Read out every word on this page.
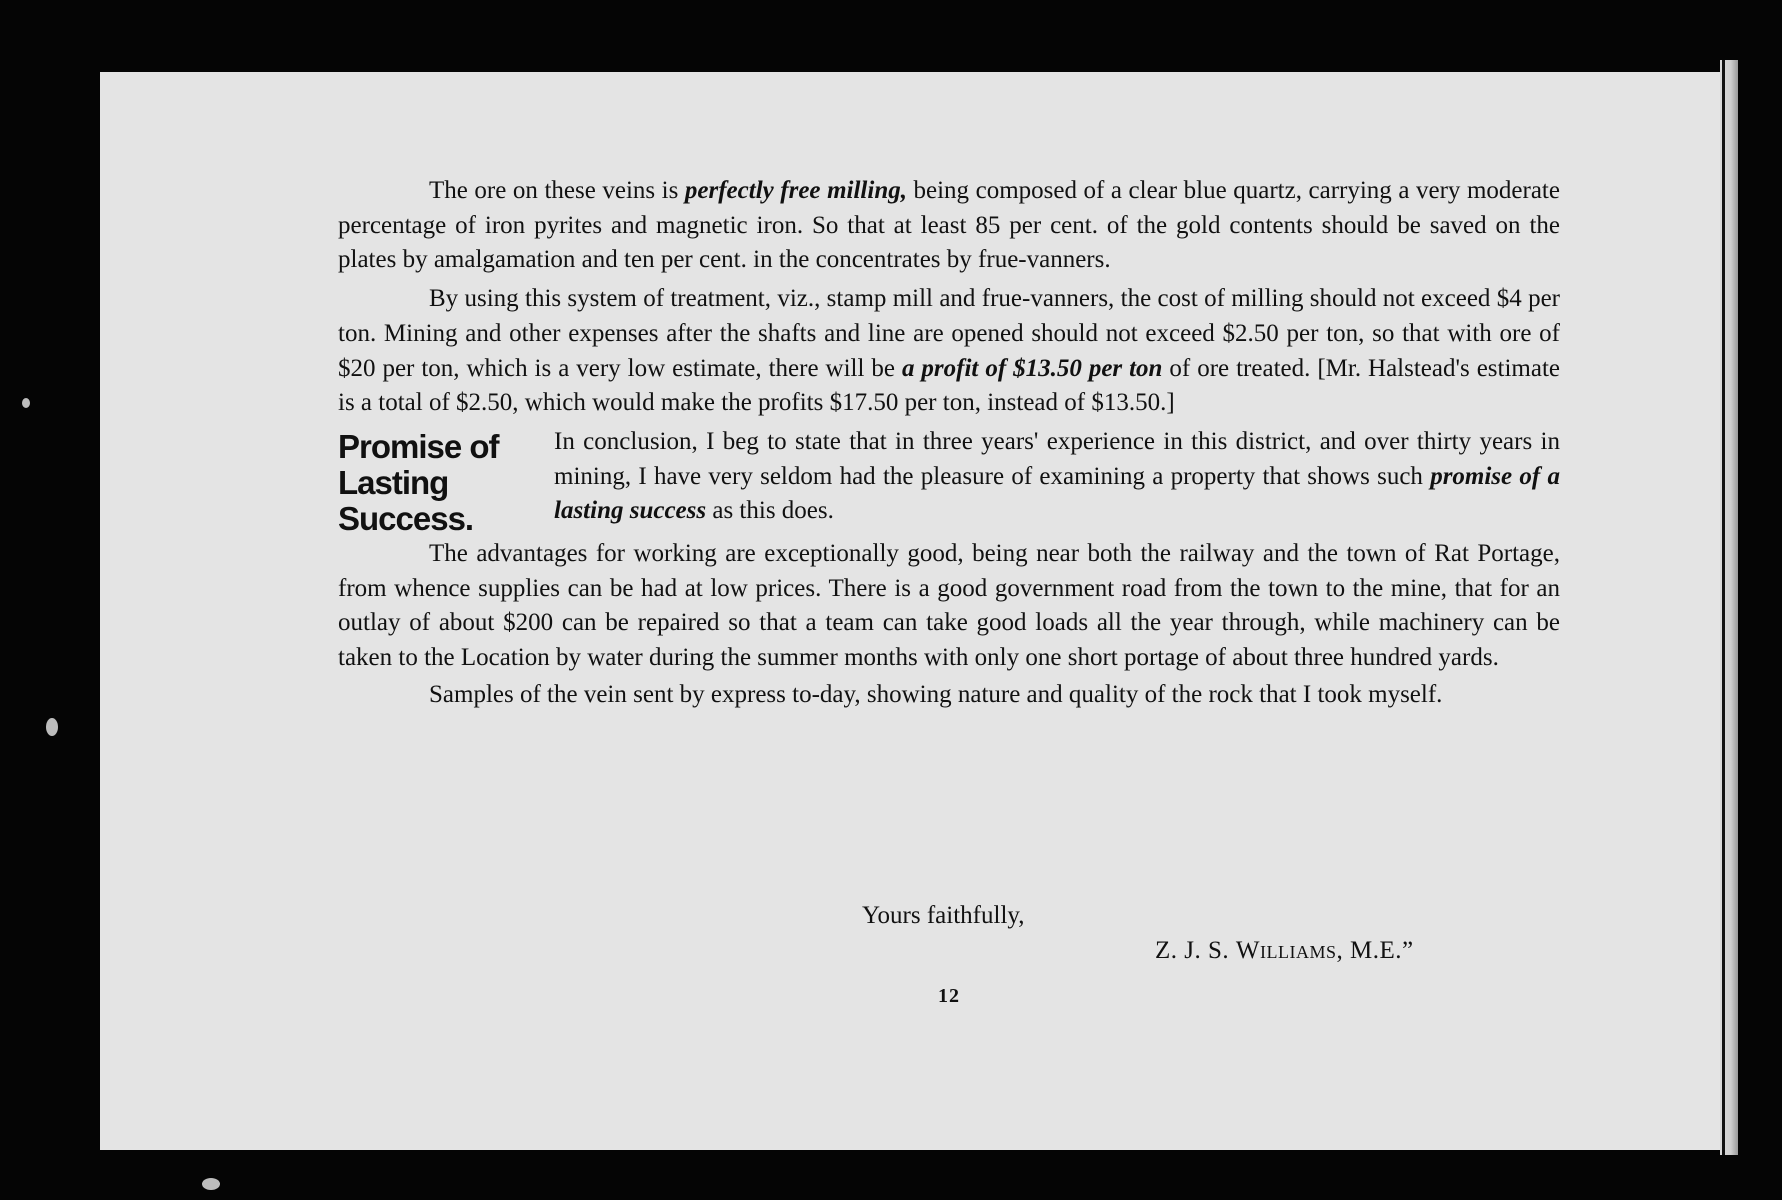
The ore on these veins is perfectly free milling, being composed of a clear blue quartz, carrying a very moderate percentage of iron pyrites and magnetic iron. So that at least 85 per cent. of the gold contents should be saved on the plates by amalgamation and ten per cent. in the concentrates by frue-vanners.

By using this system of treatment, viz., stamp mill and frue-vanners, the cost of milling should not exceed $4 per ton. Mining and other expenses after the shafts and line are opened should not exceed $2.50 per ton, so that with ore of $20 per ton, which is a very low estimate, there will be a profit of $13.50 per ton of ore treated. [Mr. Halstead's estimate is a total of $2.50, which would make the profits $17.50 per ton, instead of $13.50.]

Promise of
Lasting
Success.

In conclusion, I beg to state that in three years' experience in this district, and over thirty years in mining, I have very seldom had the pleasure of examining a property that shows such promise of a lasting success as this does.

The advantages for working are exceptionally good, being near both the railway and the town of Rat Portage, from whence supplies can be had at low prices. There is a good government road from the town to the mine, that for an outlay of about $200 can be repaired so that a team can take good loads all the year through, while machinery can be taken to the Location by water during the summer months with only one short portage of about three hundred yards.

Samples of the vein sent by express to-day, showing nature and quality of the rock that I took myself.

Yours faithfully,
Z. J. S. Williams, M.E.”
12
